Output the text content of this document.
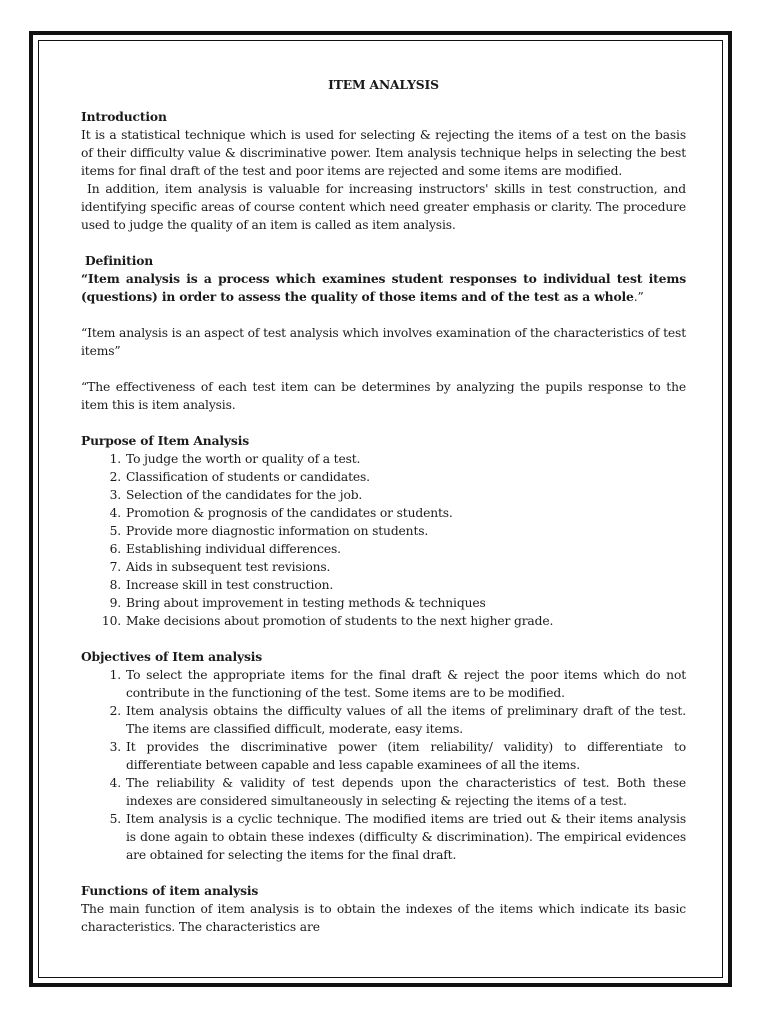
ITEM ANALYSIS

Introduction

It is a statistical technique which is used for selecting & rejecting the items of a test on the basis of their difficulty value & discriminative power. Item analysis technique helps in selecting the best items for final draft of the test and poor items are rejected and some items are modified.

In addition, item analysis is valuable for increasing instructors' skills in test construction, and identifying specific areas of course content which need greater emphasis or clarity. The procedure used to judge the quality of an item is called as item analysis.

Definition

“Item analysis is a process which examines student responses to individual test items (questions) in order to assess the quality of those items and of the test as a whole.”

“Item analysis is an aspect of test analysis which involves examination of the characteristics of test items”

“The effectiveness of each test item can be determines by analyzing the pupils response to the item this is item analysis.

Purpose of Item Analysis

1. To judge the worth or quality of a test.
2. Classification of students or candidates.
3. Selection of the candidates for the job.
4. Promotion & prognosis of the candidates or students.
5. Provide more diagnostic information on students.
6. Establishing individual differences.
7. Aids in subsequent test revisions.
8. Increase skill in test construction.
9. Bring about improvement in testing methods & techniques
10. Make decisions about promotion of students to the next higher grade.

Objectives of Item analysis

1. To select the appropriate items for the final draft & reject the poor items which do not contribute in the functioning of the test. Some items are to be modified.
2. Item analysis obtains the difficulty values of all the items of preliminary draft of the test. The items are classified difficult, moderate, easy items.
3. It provides the discriminative power (item reliability/ validity) to differentiate to differentiate between capable and less capable examinees of all the items.
4. The reliability & validity of test depends upon the characteristics of test. Both these indexes are considered simultaneously in selecting & rejecting the items of a test.
5. Item analysis is a cyclic technique. The modified items are tried out & their items analysis is done again to obtain these indexes (difficulty & discrimination). The empirical evidences are obtained for selecting the items for the final draft.

Functions of item analysis

The main function of item analysis is to obtain the indexes of the items which indicate its basic characteristics. The characteristics are
